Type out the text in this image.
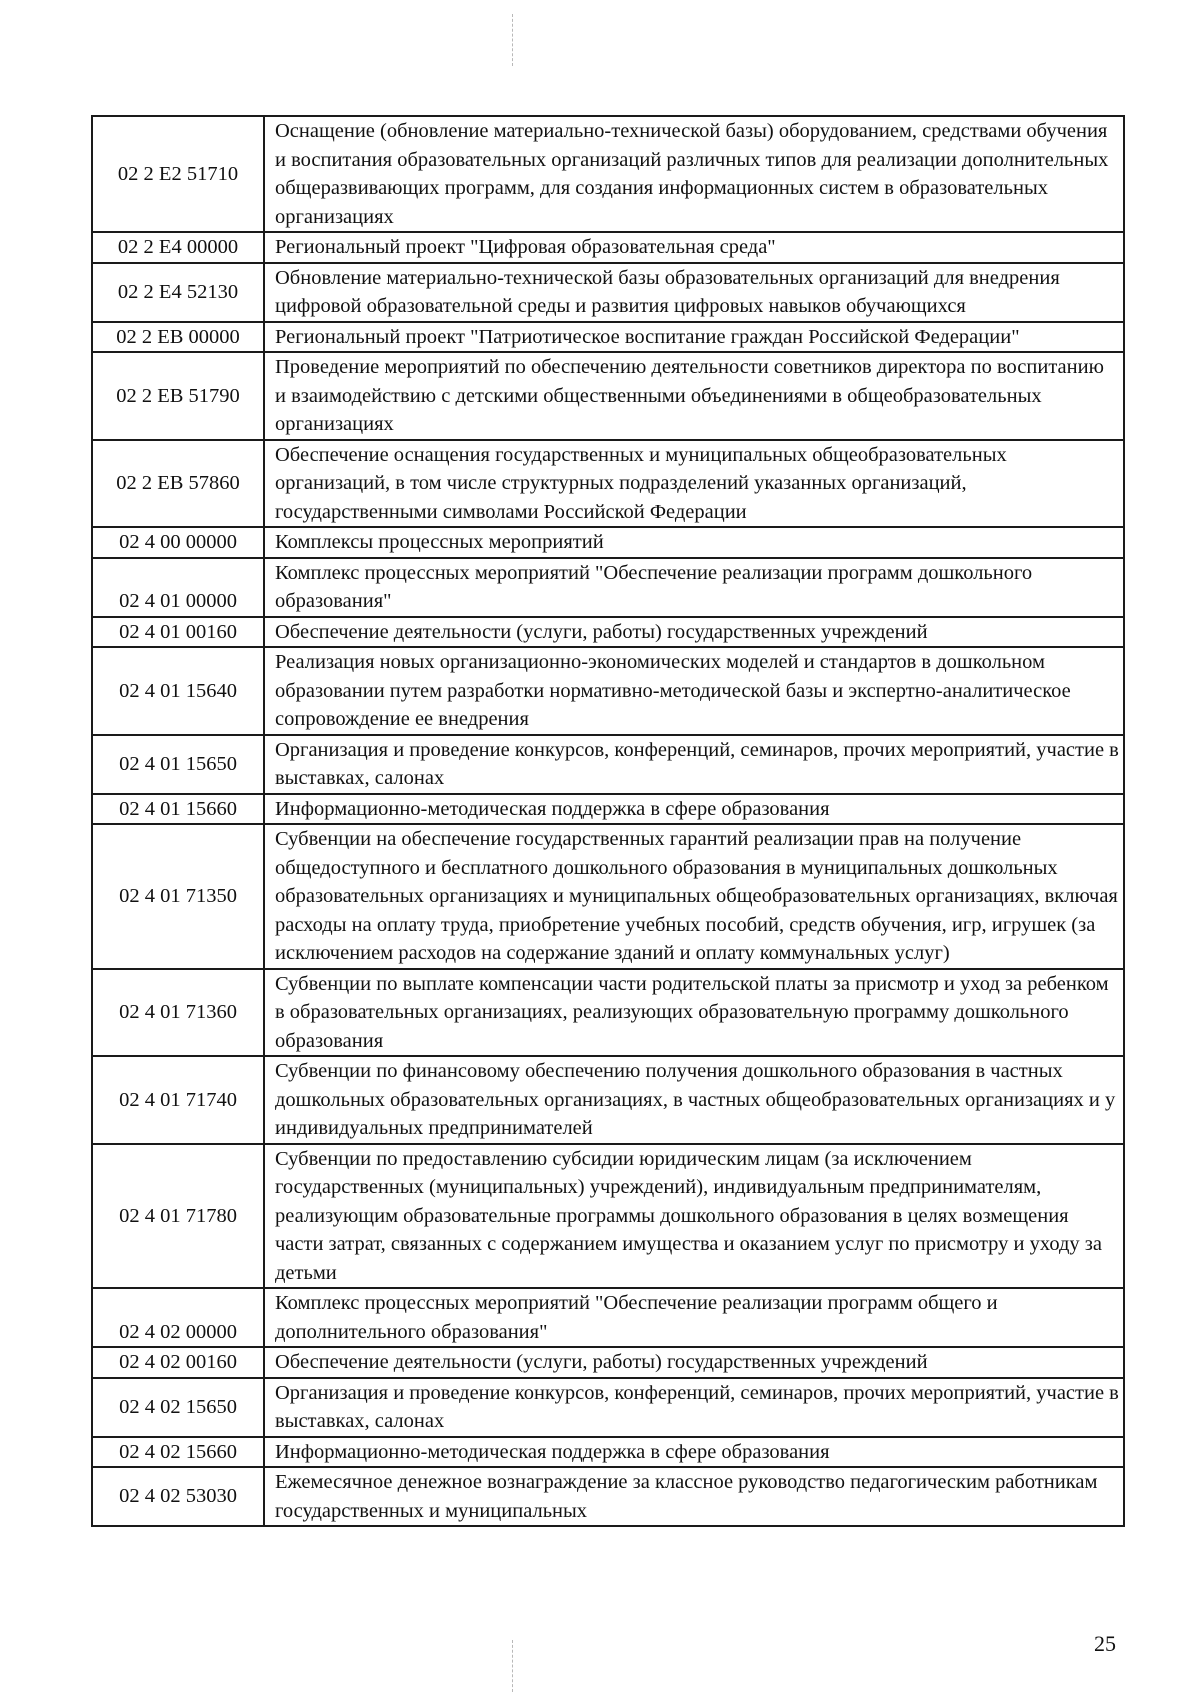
02 2 E2 51710	Оснащение (обновление материально-технической базы) оборудованием, средствами обучения и воспитания образовательных организаций различных типов для реализации дополнительных общеразвивающих программ, для создания информационных систем в образовательных организациях
02 2 E4 00000	Региональный проект "Цифровая образовательная среда"
02 2 E4 52130	Обновление материально-технической базы образовательных организаций для внедрения цифровой образовательной среды и развития цифровых навыков обучающихся
02 2 EB 00000	Региональный проект "Патриотическое воспитание граждан Российской Федерации"
02 2 EB 51790	Проведение мероприятий по обеспечению деятельности советников директора по воспитанию и взаимодействию с детскими общественными объединениями в общеобразовательных организациях
02 2 EB 57860	Обеспечение оснащения государственных и муниципальных общеобразовательных организаций, в том числе структурных подразделений указанных организаций, государственными символами Российской Федерации
02 4 00 00000	Комплексы процессных мероприятий
02 4 01 00000	Комплекс процессных мероприятий "Обеспечение реализации программ дошкольного образования"
02 4 01 00160	Обеспечение деятельности (услуги, работы) государственных учреждений
02 4 01 15640	Реализация новых организационно-экономических моделей и стандартов в дошкольном образовании путем разработки нормативно-методической базы и экспертно-аналитическое сопровождение ее внедрения
02 4 01 15650	Организация и проведение конкурсов, конференций, семинаров, прочих мероприятий, участие в выставках, салонах
02 4 01 15660	Информационно-методическая поддержка в сфере образования
02 4 01 71350	Субвенции на обеспечение государственных гарантий реализации прав на получение общедоступного и бесплатного дошкольного образования в муниципальных дошкольных образовательных организациях и муниципальных общеобразовательных организациях, включая расходы на оплату труда, приобретение учебных пособий, средств обучения, игр, игрушек (за исключением расходов на содержание зданий и оплату коммунальных услуг)
02 4 01 71360	Субвенции по выплате компенсации части родительской платы за присмотр и уход за ребенком в образовательных организациях, реализующих образовательную программу дошкольного образования
02 4 01 71740	Субвенции по финансовому обеспечению получения дошкольного образования в частных дошкольных образовательных организациях, в частных общеобразовательных организациях и у индивидуальных предпринимателей
02 4 01 71780	Субвенции по предоставлению субсидии юридическим лицам (за исключением государственных (муниципальных) учреждений), индивидуальным предпринимателям, реализующим образовательные программы дошкольного образования в целях возмещения части затрат, связанных с содержанием имущества и оказанием услуг по присмотру и уходу за детьми
02 4 02 00000	Комплекс процессных мероприятий "Обеспечение реализации программ общего и дополнительного образования"
02 4 02 00160	Обеспечение деятельности (услуги, работы) государственных учреждений
02 4 02 15650	Организация и проведение конкурсов, конференций, семинаров, прочих мероприятий, участие в выставках, салонах
02 4 02 15660	Информационно-методическая поддержка в сфере образования
02 4 02 53030	Ежемесячное денежное вознаграждение за классное руководство педагогическим работникам государственных и муниципальных
25
